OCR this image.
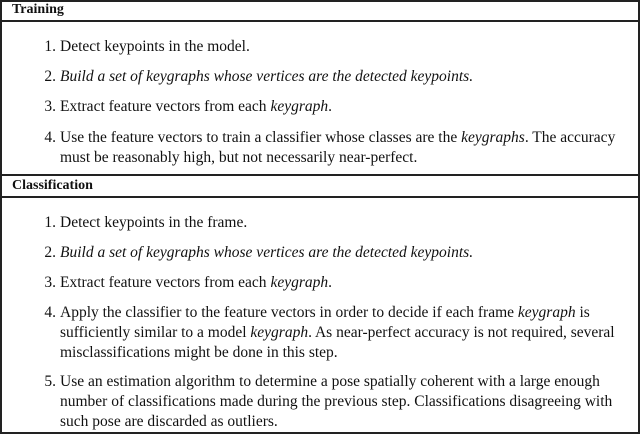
Training
1. Detect keypoints in the model.
2. Build a set of keygraphs whose vertices are the detected keypoints.
3. Extract feature vectors from each keygraph.
4. Use the feature vectors to train a classifier whose classes are the keygraphs. The accuracy must be reasonably high, but not necessarily near-perfect.
Classification
1. Detect keypoints in the frame.
2. Build a set of keygraphs whose vertices are the detected keypoints.
3. Extract feature vectors from each keygraph.
4. Apply the classifier to the feature vectors in order to decide if each frame keygraph is sufficiently similar to a model keygraph. As near-perfect accuracy is not required, several misclassifications might be done in this step.
5. Use an estimation algorithm to determine a pose spatially coherent with a large enough number of classifications made during the previous step. Classifications disagreeing with such pose are discarded as outliers.
